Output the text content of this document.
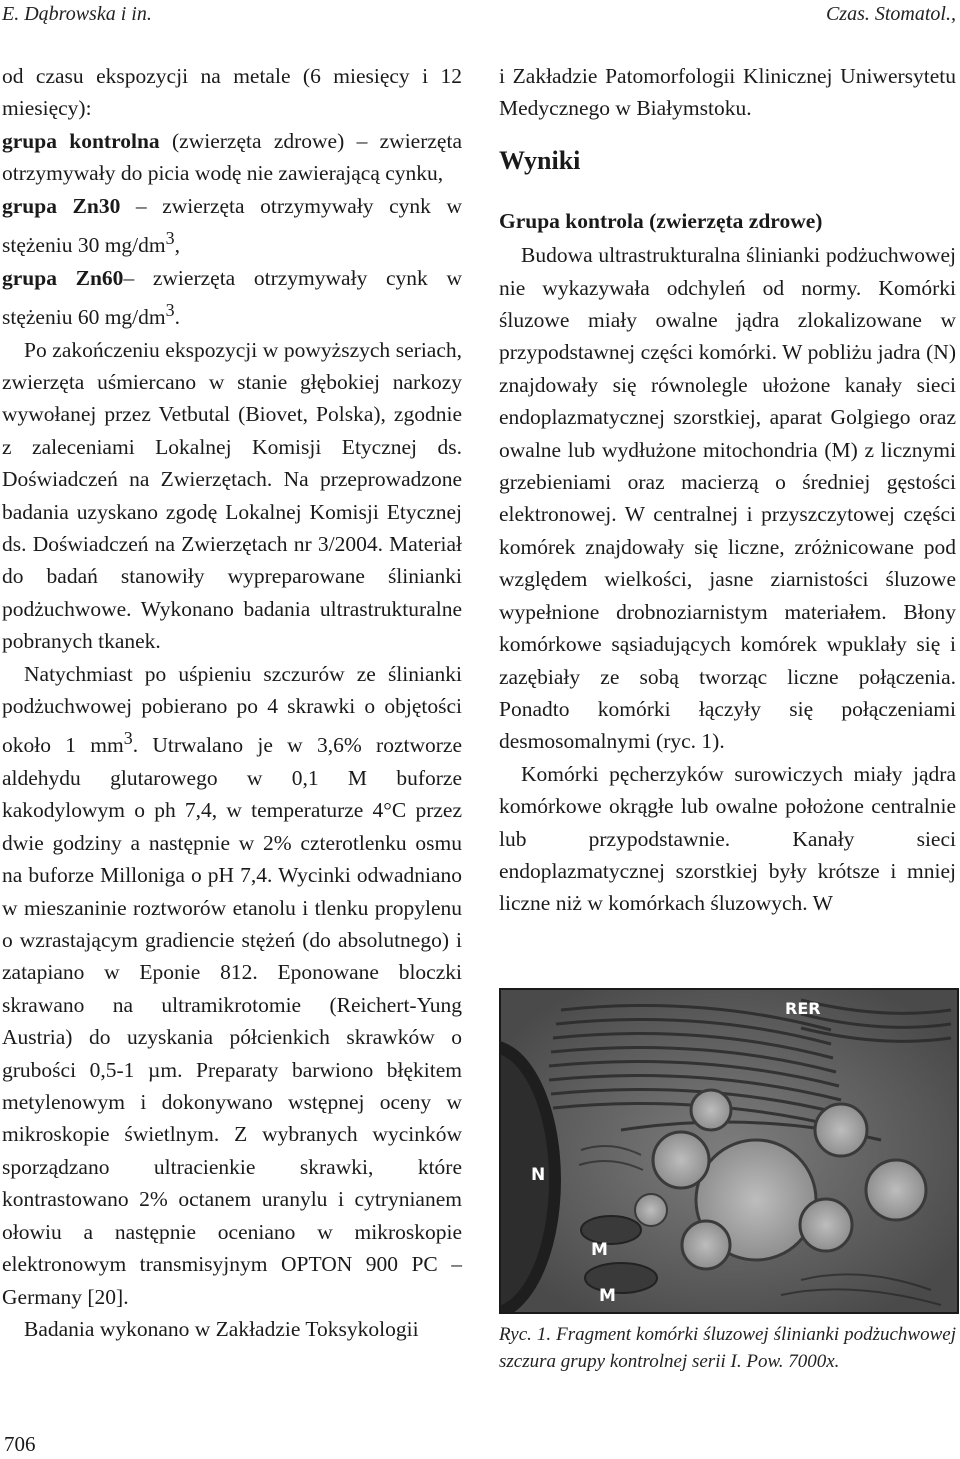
E. Dąbrowska i in.	Czas. Stomatol.,

od czasu ekspozycji na metale (6 miesięcy i 12 miesięcy):

grupa kontrolna (zwierzęta zdrowe) – zwierzęta otrzymywały do picia wodę nie zawierającą cynku,

grupa Zn30 – zwierzęta otrzymywały cynk w stężeniu 30 $mg/dm^3$,

grupa Zn60– zwierzęta otrzymywały cynk w stężeniu 60 $mg/dm^3$.

Po zakończeniu ekspozycji w powyższych seriach, zwierzęta uśmiercano w stanie głębokiej narkozy wywołanej przez Vetbutal (Biovet, Polska), zgodnie z zaleceniami Lokalnej Komisji Etycznej ds. Doświadczeń na Zwierzętach. Na przeprowadzone badania uzyskano zgodę Lokalnej Komisji Etycznej ds. Doświadczeń na Zwierzętach nr 3/2004. Materiał do badań stanowiły wypreparowane ślinianki podżuchwowe. Wykonano badania ultrastrukturalne pobranych tkanek.

Natychmiast po uśpieniu szczurów ze ślinianki podżuchwowej pobierano po 4 skrawki o objętości około 1 $mm^3$. Utrwalano je w 3,6% roztworze aldehydu glutarowego w 0,1 M buforze kakodylowym o ph 7,4, w temperaturze 4°C przez dwie godziny a następnie w 2% czterotlenku osmu na buforze Milloniga o pH 7,4. Wycinki odwadniano w mieszaninie roztworów etanolu i tlenku propylenu o wzrastającym gradiencie stężeń (do absolutnego) i zatapiano w Eponie 812. Eponowane bloczki skrawano na ultramikrotomie (Reichert-Yung Austria) do uzyskania półcienkich skrawków o grubości 0,5-1 µm. Preparaty barwiono błękitem metylenowym i dokonywano wstępnej oceny w mikroskopie świetlnym. Z wybranych wycinków sporządzano ultracienkie skrawki, które kontrastowano 2% octanem uranylu i cytrynianem ołowiu a następnie oceniano w mikroskopie elektronowym transmisyjnym OPTON 900 PC – Germany [20].

Badania wykonano w Zakładzie Toksykologii

i Zakładzie Patomorfologii Klinicznej Uniwersytetu Medycznego w Białymstoku.

Wyniki
Grupa kontrola (zwierzęta zdrowe)

Budowa ultrastrukturalna ślinianki podżuchwowej nie wykazywała odchyleń od normy. Komórki śluzowe miały owalne jądra zlokalizowane w przypodstawnej części komórki. W pobliżu jadra (N) znajdowały się równolegle ułożone kanały sieci endoplazmatycznej szorstkiej, aparat Golgiego oraz owalne lub wydłużone mitochondria (M) z licznymi grzebieniami oraz macierzą o średniej gęstości elektronowej. W centralnej i przyszczytowej części komórek znajdowały się liczne, zróżnicowane pod względem wielkości, jasne ziarnistości śluzowe wypełnione drobnoziarnistym materiałem. Błony komórkowe sąsiadujących komórek wpuklały się i zazębiały ze sobą tworząc liczne połączenia. Ponadto komórki łączyły się połączeniami desmosomalnymi (ryc. 1).

Komórki pęcherzyków surowiczych miały jądra komórkowe okrągłe lub owalne położone centralnie lub przypodstawnie. Kanały sieci endoplazmatycznej szorstkiej były krótsze i mniej liczne niż w komórkach śluzowych. W

RER
N
M
M
Ryc. 1. Fragment komórki śluzowej ślinianki podżuchwowej szczura grupy kontrolnej serii I. Pow. 7000x.
706
